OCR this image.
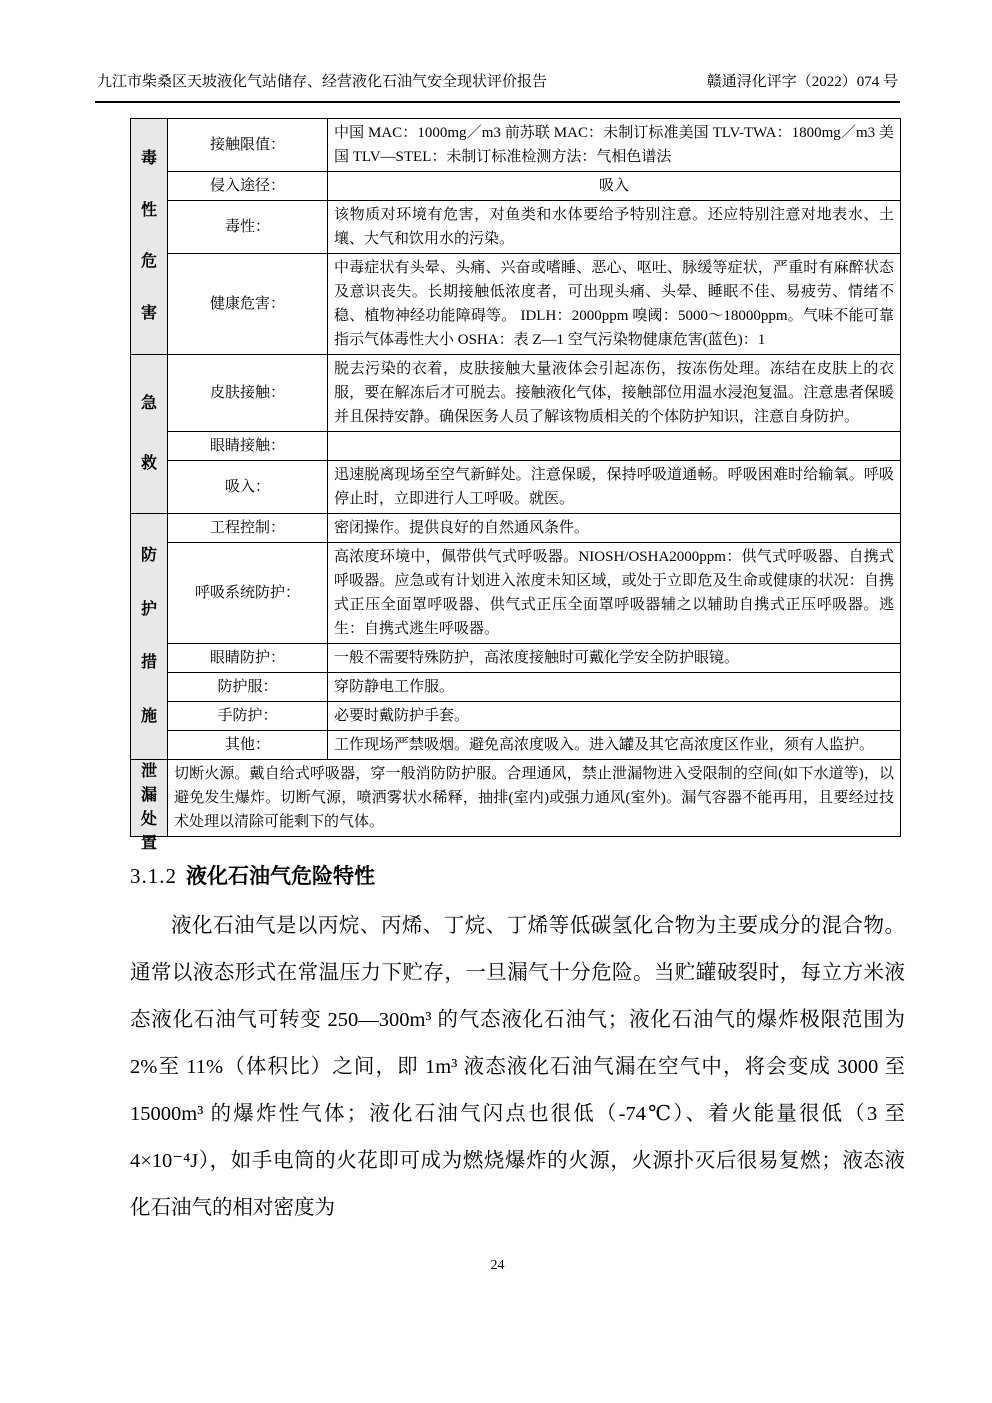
九江市柴桑区天坡液化气站储存、经营液化石油气安全现状评价报告	赣通浔化评字（2022）074 号
毒
性
危
害	接触限值：	中国 MAC：1000mg／m3 前苏联 MAC：未制订标准美国 TLV-TWA：1800mg／m3 美国 TLV—STEL：未制订标准检测方法：气相色谱法
	侵入途径：	吸入
	毒性：	该物质对环境有危害，对鱼类和水体要给予特别注意。还应特别注意对地表水、土壤、大气和饮用水的污染。
	健康危害：	中毒症状有头晕、头痛、兴奋或嗜睡、恶心、呕吐、脉缓等症状，严重时有麻醉状态及意识丧失。长期接触低浓度者，可出现头痛、头晕、睡眠不佳、易疲劳、情绪不稳、植物神经功能障碍等。 IDLH：2000ppm 嗅阈：5000～18000ppm。气味不能可靠指示气体毒性大小 OSHA：表 Z—1 空气污染物健康危害(蓝色)：1

急
救	皮肤接触：	脱去污染的衣着，皮肤接触大量液体会引起冻伤，按冻伤处理。冻结在皮肤上的衣服，要在解冻后才可脱去。接触液化气体，接触部位用温水浸泡复温。注意患者保暖并且保持安静。确保医务人员了解该物质相关的个体防护知识，注意自身防护。
	眼睛接触：	
	吸入：	迅速脱离现场至空气新鲜处。注意保暖，保持呼吸道通畅。呼吸困难时给输氧。呼吸停止时，立即进行人工呼吸。就医。

防
护
措
施	工程控制：	密闭操作。提供良好的自然通风条件。
	呼吸系统防护：	高浓度环境中，佩带供气式呼吸器。NIOSH/OSHA2000ppm：供气式呼吸器、自携式呼吸器。应急或有计划进入浓度未知区域，或处于立即危及生命或健康的状况：自携式正压全面罩呼吸器、供气式正压全面罩呼吸器辅之以辅助自携式正压呼吸器。逃生：自携式逃生呼吸器。
	眼睛防护：	一般不需要特殊防护，高浓度接触时可戴化学安全防护眼镜。
	防护服：	穿防静电工作服。
	手防护：	必要时戴防护手套。
	其他：	工作现场严禁吸烟。避免高浓度吸入。进入罐及其它高浓度区作业，须有人监护。

泄
漏
处
置	切断火源。戴自给式呼吸器，穿一般消防防护服。合理通风，禁止泄漏物进入受限制的空间(如下水道等)，以避免发生爆炸。切断气源，喷洒雾状水稀释，抽排(室内)或强力通风(室外)。漏气容器不能再用，且要经过技术处理以清除可能剩下的气体。	
3.1.2 液化石油气危险特性

液化石油气是以丙烷、丙烯、丁烷、丁烯等低碳氢化合物为主要成分的混合物。通常以液态形式在常温压力下贮存，一旦漏气十分危险。当贮罐破裂时，每立方米液态液化石油气可转变 250—300m³ 的气态液化石油气；液化石油气的爆炸极限范围为 2%至 11%（体积比）之间，即 1m³ 液态液化石油气漏在空气中，将会变成 3000 至 15000m³ 的爆炸性气体；液化石油气闪点也很低（-74℃）、着火能量很低（3 至 4×10⁻⁴J），如手电筒的火花即可成为燃烧爆炸的火源，火源扑灭后很易复燃；液态液化石油气的相对密度为

24
